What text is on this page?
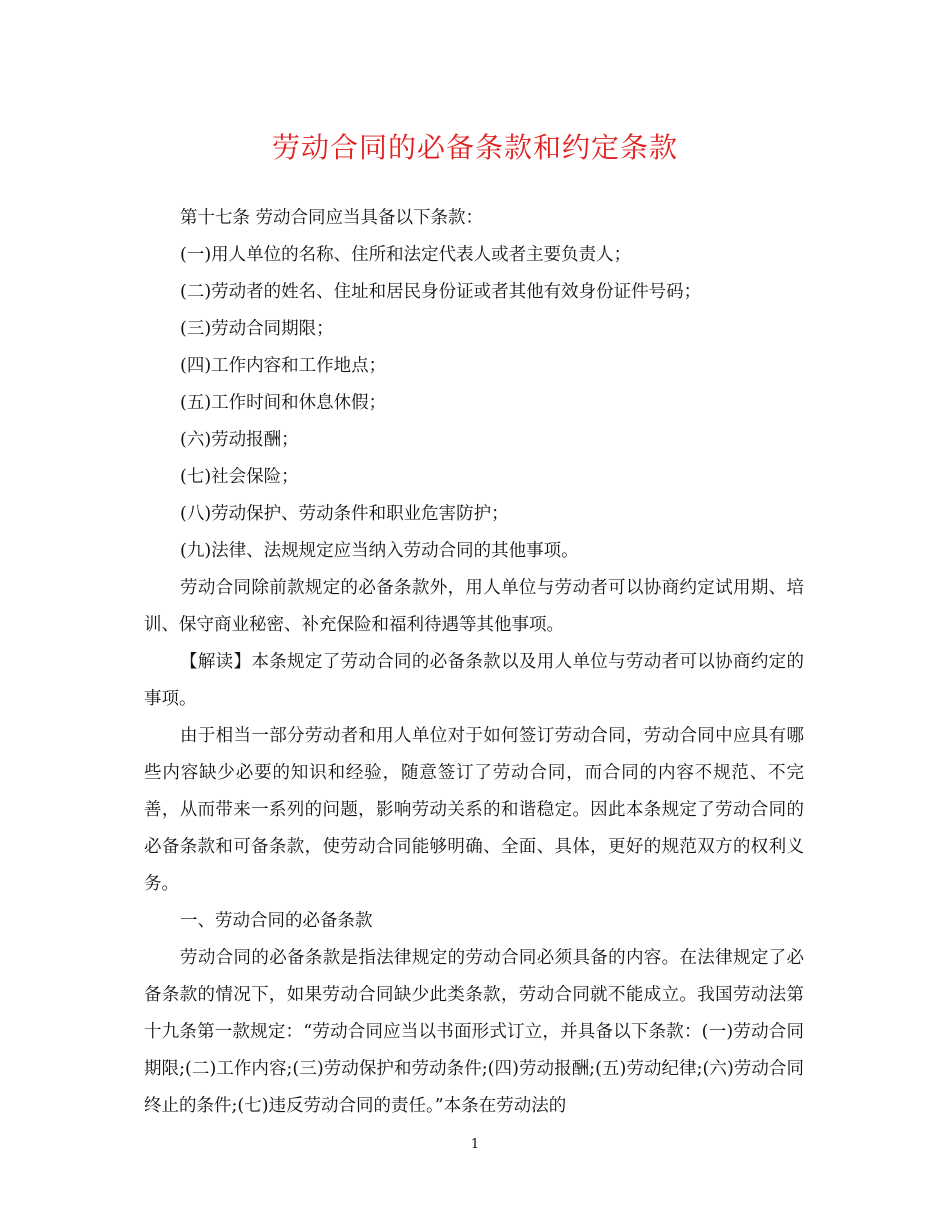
劳动合同的必备条款和约定条款

第十七条 劳动合同应当具备以下条款：

(一)用人单位的名称、住所和法定代表人或者主要负责人；

(二)劳动者的姓名、住址和居民身份证或者其他有效身份证件号码；

(三)劳动合同期限；

(四)工作内容和工作地点；

(五)工作时间和休息休假；

(六)劳动报酬；

(七)社会保险；

(八)劳动保护、劳动条件和职业危害防护；

(九)法律、法规规定应当纳入劳动合同的其他事项。

劳动合同除前款规定的必备条款外，用人单位与劳动者可以协商约定试用期、培训、保守商业秘密、补充保险和福利待遇等其他事项。

【解读】本条规定了劳动合同的必备条款以及用人单位与劳动者可以协商约定的事项。

由于相当一部分劳动者和用人单位对于如何签订劳动合同，劳动合同中应具有哪些内容缺少必要的知识和经验，随意签订了劳动合同，而合同的内容不规范、不完善，从而带来一系列的问题，影响劳动关系的和谐稳定。因此本条规定了劳动合同的必备条款和可备条款，使劳动合同能够明确、全面、具体，更好的规范双方的权利义务。

一、劳动合同的必备条款

劳动合同的必备条款是指法律规定的劳动合同必须具备的内容。在法律规定了必备条款的情况下，如果劳动合同缺少此类条款，劳动合同就不能成立。我国劳动法第十九条第一款规定：“劳动合同应当以书面形式订立，并具备以下条款：(一)劳动合同期限;(二)工作内容;(三)劳动保护和劳动条件;(四)劳动报酬;(五)劳动纪律;(六)劳动合同终止的条件;(七)违反劳动合同的责任。”本条在劳动法的

1
